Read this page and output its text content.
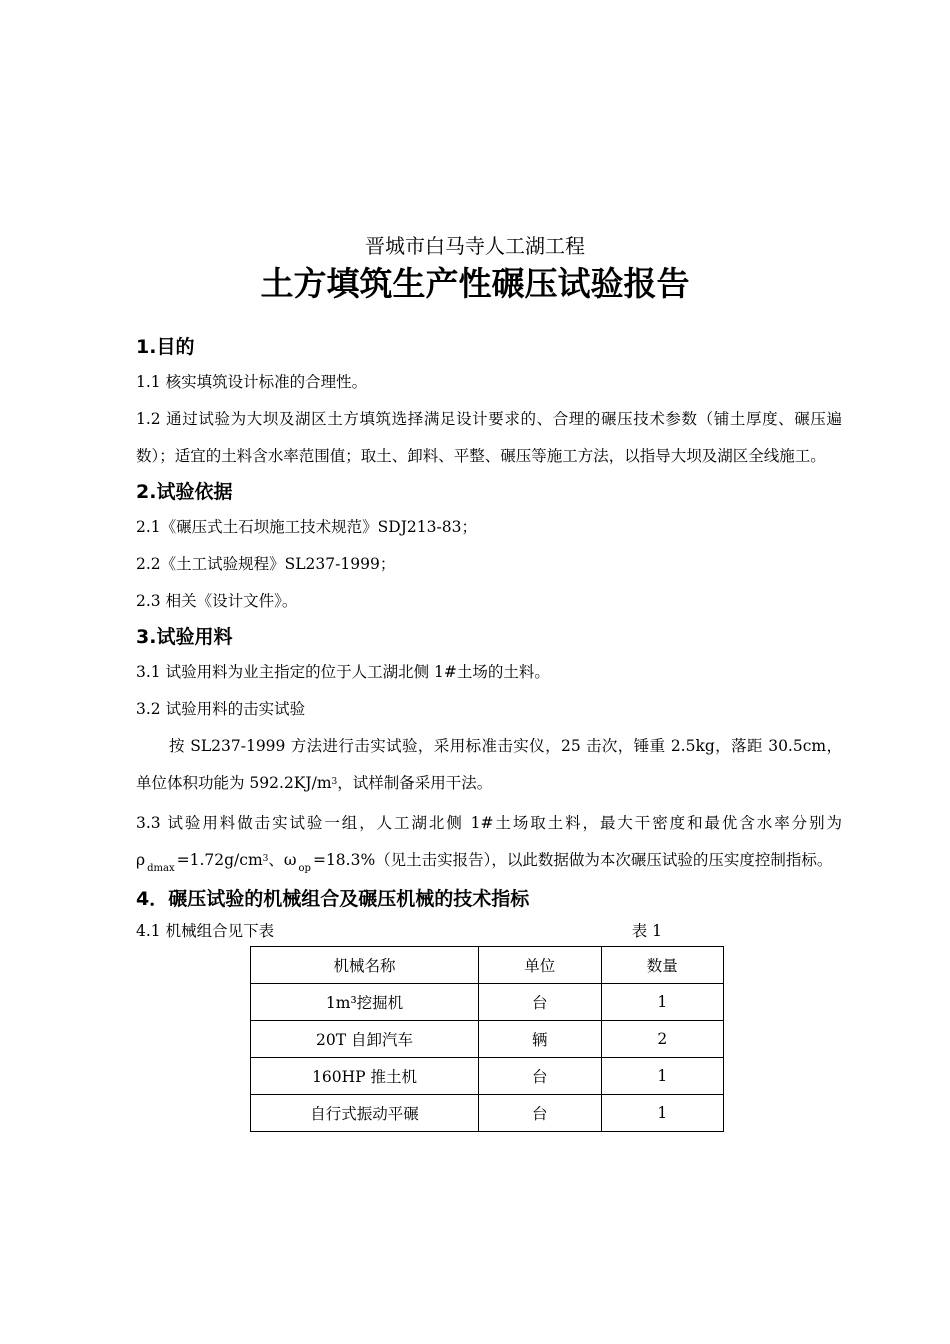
晋城市白马寺人工湖工程
土方填筑生产性碾压试验报告

1.目的

1.1 核实填筑设计标准的合理性。

1.2 通过试验为大坝及湖区土方填筑选择满足设计要求的、合理的碾压技术参数（铺土厚度、碾压遍数）；适宜的土料含水率范围值；取土、卸料、平整、碾压等施工方法，以指导大坝及湖区全线施工。

2.试验依据

2.1《碾压式土石坝施工技术规范》SDJ213-83；

2.2《土工试验规程》SL237-1999；

2.3 相关《设计文件》。

3.试验用料

3.1 试验用料为业主指定的位于人工湖北侧 1#土场的土料。

3.2 试验用料的击实试验

按 SL237-1999 方法进行击实试验，采用标准击实仪，25 击次，锤重 2.5kg，落距 30.5cm，单位体积功能为 $592.2KJ/m^3$，试样制备采用干法。

3.3 试验用料做击实试验一组，人工湖北侧 1#土场取土料，最大干密度和最优含水率分别为 ρ $_{dmax} =1.72g/cm^3$、ω $_{op}$ =18.3%（见土击实报告），以此数据做为本次碾压试验的压实度控制指标。

4．碾压试验的机械组合及碾压机械的技术指标

4.1 机械组合见下表	表 1
机械名称	单位	数量
1m³挖掘机	台	1
20T 自卸汽车	辆	2
160HP 推土机	台	1
自行式振动平碾	台	1
